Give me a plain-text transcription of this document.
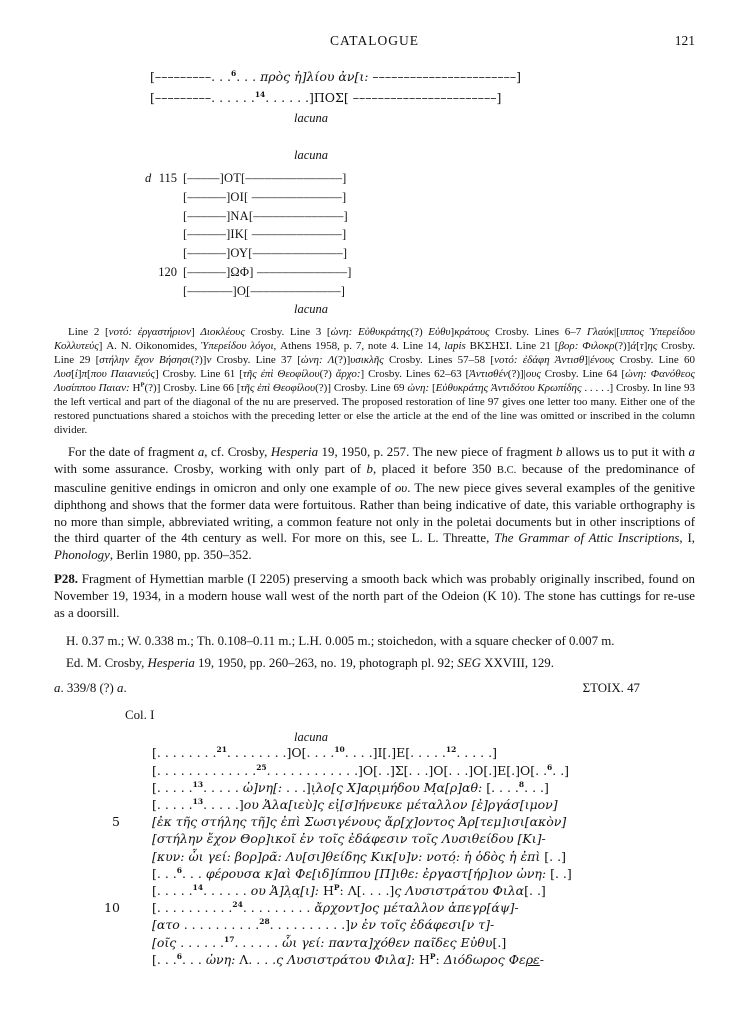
CATALOGUE	121
[–––––––––. . .$^6$. . . πρὸς ἡ]λίου ἀν[ι: –––––––––––––––––––––––]
[–––––––––. . . . . .$^{14}$. . . . . .]ΠΟΣ[ –––––––––––––––––––––––]
lacuna
lacuna
d 115 [–––––]ΟΤ[–––––––––––––––]
[––––––]ΟΙ[ ––––––––––––––]
[––––––]ΝΑ[––––––––––––––]
[––––––]ΙΚ[ ––––––––––––––]
[––––––]ΟΥ[––––––––––––––]
120 [––––––]ΩΦ] ––––––––––––––]
[–––––––]Ο̣[––––––––––––––]
lacuna

Line 2 [νοτό: ἐργαστήριον] Διοκλέους Crosby. Line 3 [ὠνη: Εὐθυκράτης(?) Εὐθυ]κράτους Crosby. Lines 6–7 Γλαύκ|[ιππος Ὑπερείδου Κολλυτεύς] A. N. Oikonomides, Ὑπερείδου λόγοι, Athens 1958, p. 7, note 4. Line 14, lapis ΒΚΣΗΣΙ. Line 21 [βορ: Φιλοκρ(?)]ά[τ]ης Crosby. Line 29 [στήλην ἔχον Βήσησι(?)]ν Crosby. Line 37 [ὠνη: Λ(?)]υσικλῆς Crosby. Lines 57–58 [νοτό: ἐδάφη Ἀντισθ]|ένους Crosby. Line 60 Λυσ[ί]π[που Παιανιεύς] Crosby. Line 61 [τῆς ἐπὶ Θεοφίλου(?) ἄρχο:] Crosby. Lines 62–63 [Ἀντισθέν(?)]|ους Crosby. Line 64 [ὠνη: Φανόθεος Λυσίππου Παιαν: $H^P(?)$] Crosby. Line 66 [τῆς ἐπὶ Θεοφίλου(?)] Crosby. Line 69 ὠνη: [Εὐθυκράτης Ἀντιδότου Κρωπίδης . . . . .] Crosby. In line 93 the left vertical and part of the diagonal of the nu are preserved. The proposed restoration of line 97 gives one letter too many. Either one of the restored punctuations shared a stoichos with the preceding letter or else the article at the end of the line was omitted or inscribed in the column divider.

For the date of fragment a, cf. Crosby, Hesperia 19, 1950, p. 257. The new piece of fragment b allows us to put it with a with some assurance. Crosby, working with only part of b, placed it before 350 B.C. because of the predominance of masculine genitive endings in omicron and only one example of ου. The new piece gives several examples of the genitive diphthong and shows that the former data were fortuitous. Rather than being indicative of date, this variable orthography is no more than simple, abbreviated writing, a common feature not only in the poletai documents but in other inscriptions of the third quarter of the 4th century as well. For more on this, see L. L. Threatte, The Grammar of Attic Inscriptions, I, Phonology, Berlin 1980, pp. 350–352.

P28. Fragment of Hymettian marble (I 2205) preserving a smooth back which was probably originally inscribed, found on November 19, 1934, in a modern house wall west of the north part of the Odeion (K 10). The stone has cuttings for re-use as a doorsill.

H. 0.37 m.; W. 0.338 m.; Th. 0.108–0.11 m.; L.H. 0.005 m.; stoichedon, with a square checker of 0.007 m.
Ed. M. Crosby, Hesperia 19, 1950, pp. 260–263, no. 19, photograph pl. 92; SEG XXVIII, 129.
a. 339/8 (?) a.	ΣΤΟΙΧ. 47
Col. I
lacuna
[. . . . . . . .$^{21}$. . . . . . . .]Ο[. . . .$^{10}$. . . .]Ι[.]Ε[. . . . .$^{12}$. . . . .]
[. . . . . . . . . . . . .$^{25}$. . . . . . . . . . . .]Ο[. .]Σ[. . .]Ο[. . .]Ο[.]Ε[.]Ο[. .$^6$. .]
[. . . . .$^{13}$. . . . . ὠ]νη[: . . .]ι̣λο[ς Χ]αρι̣μήδου Μ̣α[ρ]αθ: [. . . .$^8$. . .]
[. . . . .$^{13}$. . . . .]ου Ἁλα[ιεὺ]ς εἰ̣[σ]ήνευκε μέταλλον [ἐ]ργάσ[ιμον]
5	[ἐκ τῆς στήλης τῆ]ς ἐπὶ Σωσιγένους ἄρ[χ]οντος Ἀρ[τεμ]ισι[ακὸν]
[στήλην ἔχον Θορ]ικοῖ ἐν τοῖς ἐδάφεσιν τοῖς Λυσιθείδου [Κι]-
[κυν: ὧι γεί: βορ]ρᾶ: Λυ[σι]θείδης Κικ[υ]ν: νοτό̣: ἡ ὁδὸς ἡ ἐπὶ [. .]
[. . .$^6$. . . φέρουσα κ]αὶ Φε[ιδ]ίππου [Π]ιθε: ἐργαστ[ήρ]ιον ὠνη: [. .]
[. . . . .$^{14}$. . . . . . ου Ἁ]λ̣α̣[ι]: $H^P$: Λ[. . . .]ς Λυσιστράτου Φιλα[. .]
10	[. . . . . . . . . .$^{24}$. . . . . . . . . ἄρχοντ]ος μέταλλον ἀπεγρ[άψ]-
[ατο . . . . . . . . . .$^{28}$. . . . . . . . . .]ν ἐν τοῖς ἐδάφεσι[ν τ]-
[οῖς . . . . . .$^{17}$. . . . . . ὧι γεί: παντα]χόθεν παῖδες Εὐθυ[.]
[. . .$^6$. . . ὠνη: Λ. . . .ς Λυσιστράτου Φιλα]: $H^P$: Διόδωρος Φερε-
